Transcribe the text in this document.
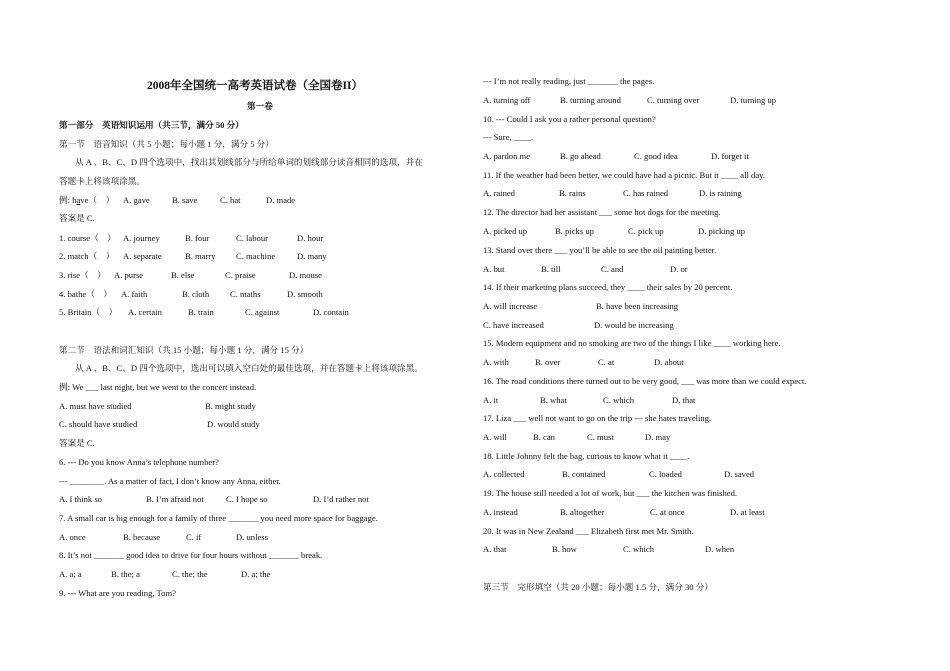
2008年全国统一高考英语试卷（全国卷II）
第一卷
第一部分　英语知识运用（共三节，满分 50 分）
第一节　语音知识（共 5 小题；每小题 1 分，满分 5 分）
从 A 、B、C、D 四个选项中，找出其划线部分与所给单词的划线部分读音相同的选项，并在
答题卡上将该项涂黑。
例: have（　） A. gave	B. save	C. hat	D. made
答案是 C.
1. course（　） A. journey	B. four	C. labour	D. hour
2. match（　） A. separate	B. marry C. machine	D. many
3. rise（　） A. purse	B. else	C. praise	D. mouse
4. bathe（　） A. faith	B. cloth C. maths	D. smooth
5. Britain（　） A. certain	B. train	C. against	D. contain
第二节　语法和词汇知识（共 15 小题；每小题 1 分，满分 15 分）
从 A 、B、C、D 四个选项中，选出可以填入空白处的最佳选项，并在答题卡上将该项涂黑。
例: We ___ last night, but we went to the concert instead.
A. must have studied	B. might study
C. should have studied	D. would study
答案是 C.
6. --- Do you know Anna’s telephone number?
--- ________. As a matter of fact, I don’t know any Anna, either.
A. I think so	B. I’m afraid not	C. I hope so	D. I’d rather not
7. A small car is big enough for a family of three _______ you need more space for baggage.
A. once	B. because	C. if	D. unless
8. It’s not _______ good idea to drive for four hours without _______ break.
A. a; a	B. the; a	C. the; the	D. a; the
9. --- What are you reading, Tom?
--- I’m not really reading, just _______ the pages.
A. turning off	B. turning around	C. turning over	D. turning up
10. --- Could I ask you a rather personal question?
--- Sure, ____.
A. pardon me	B. go ahead	C. good idea	D. forget it
11. If the weather had been better, we could have had a picnic. But it ____ all day.
A. rained	B. rains	C. has rained	D. is raining
12. The director had her assistant ___ some hot dogs for the meeting.
A. picked up	B. picks up	C. pick up	D. picking up
13. Stand over there ___ you’ll be able to see the oil painting better.
A. but	B. till	C. and	D. or
14. If their marketing plans succeed, they ____ their sales by 20 percent.
A. will increase	B. have been increasing
C. have increased	D. would be increasing
15. Modern equipment and no smoking are two of the things I like ____ working here.
A. with	B. over	C. at	D. about
16. The road conditions there turned out to be very good, ___ was more than we could expect.
A. it	B. what	C. which	D. that
17. Liza ___ well not want to go on the trip --- she hates traveling.
A. will	B. can	C. must	D. may
18. Little Johnny felt the bag, curious to know what it ____.
A. collected	B. contained	C. loaded	D. saved
19. The house still needed a lot of work, but ___ the kitchen was finished.
A. instead	B. altogether	C. at once	D. at least
20. It was in New Zealand ___ Elizabeth first met Mr. Smith.
A. that	B. how	C. which	D. when
第三节　完形填空（共 20 小题；每小题 1.5 分，满分 30 分）
